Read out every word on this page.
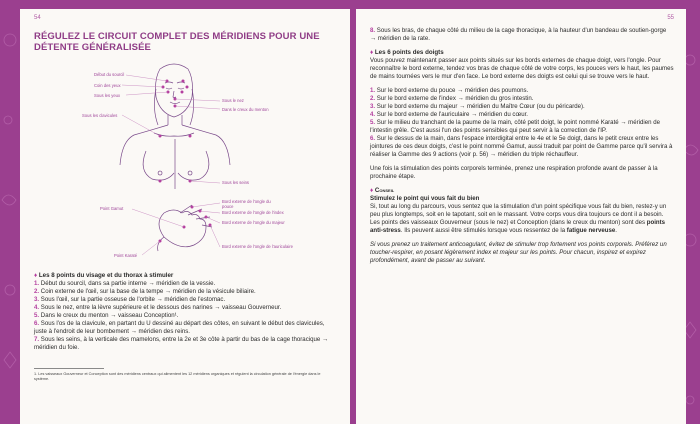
54
RÉGULEZ LE CIRCUIT COMPLET DES MÉRIDIENS POUR UNE DÉTENTE GÉNÉRALISÉE
Début du sourcil
Coin des yeux
Sous les yeux
Sous les clavicules
Sous le nez
Dans le creux du menton
Sous les seins
Point Gamut
Bord externe de l'ongle du pouce
Bord externe de l'ongle de l'index
Bord externe de l'ongle du majeur
Point Karaté
Bord externe de l'ongle de l'auriculaire
♦ Les 8 points du visage et du thorax à stimuler

1. Début du sourcil, dans sa partie interne → méridien de la vessie.

2. Coin externe de l'œil, sur la base de la tempe → méridien de la vésicule biliaire.

3. Sous l'œil, sur la partie osseuse de l'orbite → méridien de l'estomac.

4. Sous le nez, entre la lèvre supérieure et le dessous des narines → vaisseau Gouverneur.

5. Dans le creux du menton → vaisseau Conception¹.

6. Sous l'os de la clavicule, en partant du U dessiné au départ des côtes, en suivant le début des clavicules, juste à l'endroit de leur bombement → méridien des reins.

7. Sous les seins, à la verticale des mamelons, entre la 2e et 3e côte à partir du bas de la cage thoracique → méridien du foie.

1. Les vaisseaux Gouverneur et Conception sont des méridiens centraux qui alimentent les 12 méridiens organiques et régulent la circulation générale de l'énergie dans le système.
55

8. Sous les bras, de chaque côté du milieu de la cage thoracique, à la hauteur d'un bandeau de soutien-gorge → méridien de la rate.

♦ Les 6 points des doigts

Vous pouvez maintenant passer aux points situés sur les bords externes de chaque doigt, vers l'ongle. Pour reconnaître le bord externe, tendez vos bras de chaque côté de votre corps, les pouces vers le haut, les paumes de mains tournées vers le mur d'en face. Le bord externe des doigts est celui qui se trouve vers le haut.

1. Sur le bord externe du pouce → méridien des poumons.

2. Sur le bord externe de l'index → méridien du gros intestin.

3. Sur le bord externe du majeur → méridien du Maître Cœur (ou du péricarde).

4. Sur le bord externe de l'auriculaire → méridien du cœur.

5. Sur le milieu du tranchant de la paume de la main, côté petit doigt, le point nommé Karaté → méridien de l'intestin grêle. C'est aussi l'un des points sensibles qui peut servir à la correction de l'IP.

6. Sur le dessus de la main, dans l'espace interdigital entre le 4e et le 5e doigt, dans le petit creux entre les jointures de ces deux doigts, c'est le point nommé Gamut, aussi traduit par point de Gamme parce qu'il servira à réaliser la Gamme des 9 actions (voir p. 56) → méridien du triple réchauffeur.

Une fois la stimulation des points corporels terminée, prenez une respiration profonde avant de passer à la prochaine étape.

♦ Conseil

Stimulez le point qui vous fait du bien

Si, tout au long du parcours, vous sentez que la stimulation d'un point spécifique vous fait du bien, restez-y un peu plus longtemps, soit en le tapotant, soit en le massant. Votre corps vous dira toujours ce dont il a besoin.

Les points des vaisseaux Gouverneur (sous le nez) et Conception (dans le creux du menton) sont des points anti-stress. Ils peuvent aussi être stimulés lorsque vous ressentez de la fatigue nerveuse.

Si vous prenez un traitement anticoagulant, évitez de stimuler trop fortement vos points corporels. Préférez un toucher-respirer, en posant légèrement index et majeur sur les points. Pour chacun, inspirez et expirez profondément, avant de passer au suivant.
